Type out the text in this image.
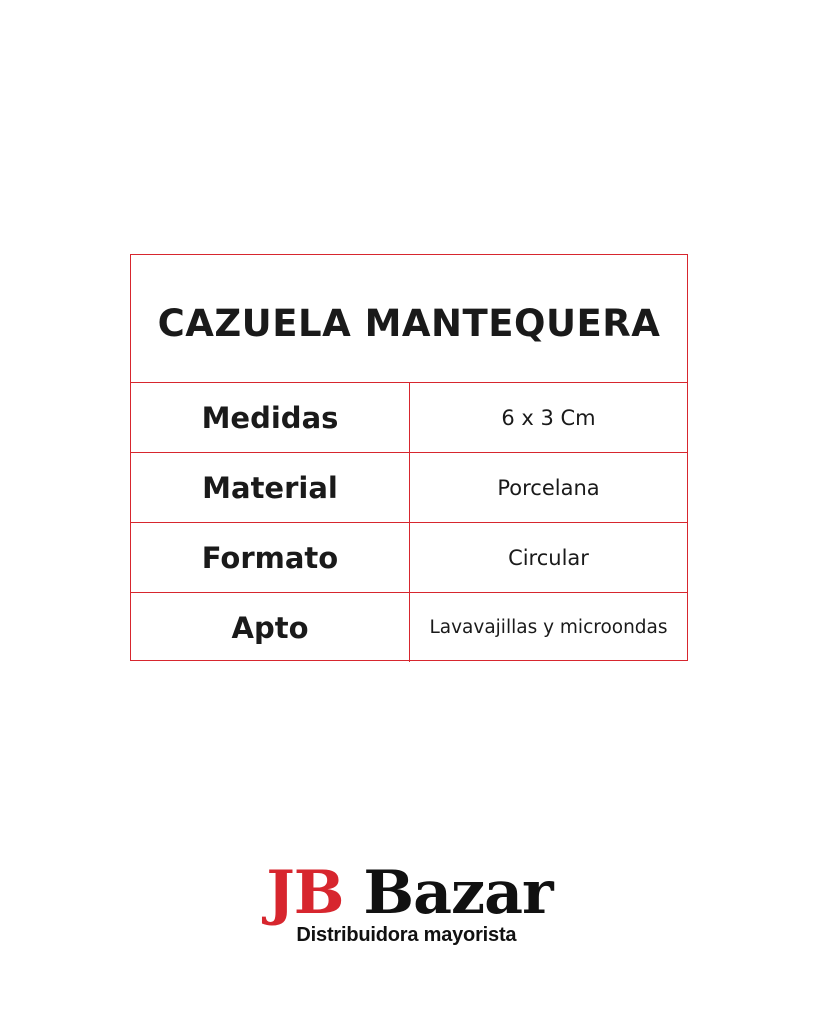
CAZUELA MANTEQUERA
Medidas	6 x 3 Cm
Material	Porcelana
Formato	Circular
Apto	Lavavajillas y microondas
JB Bazar
Distribuidora mayorista
